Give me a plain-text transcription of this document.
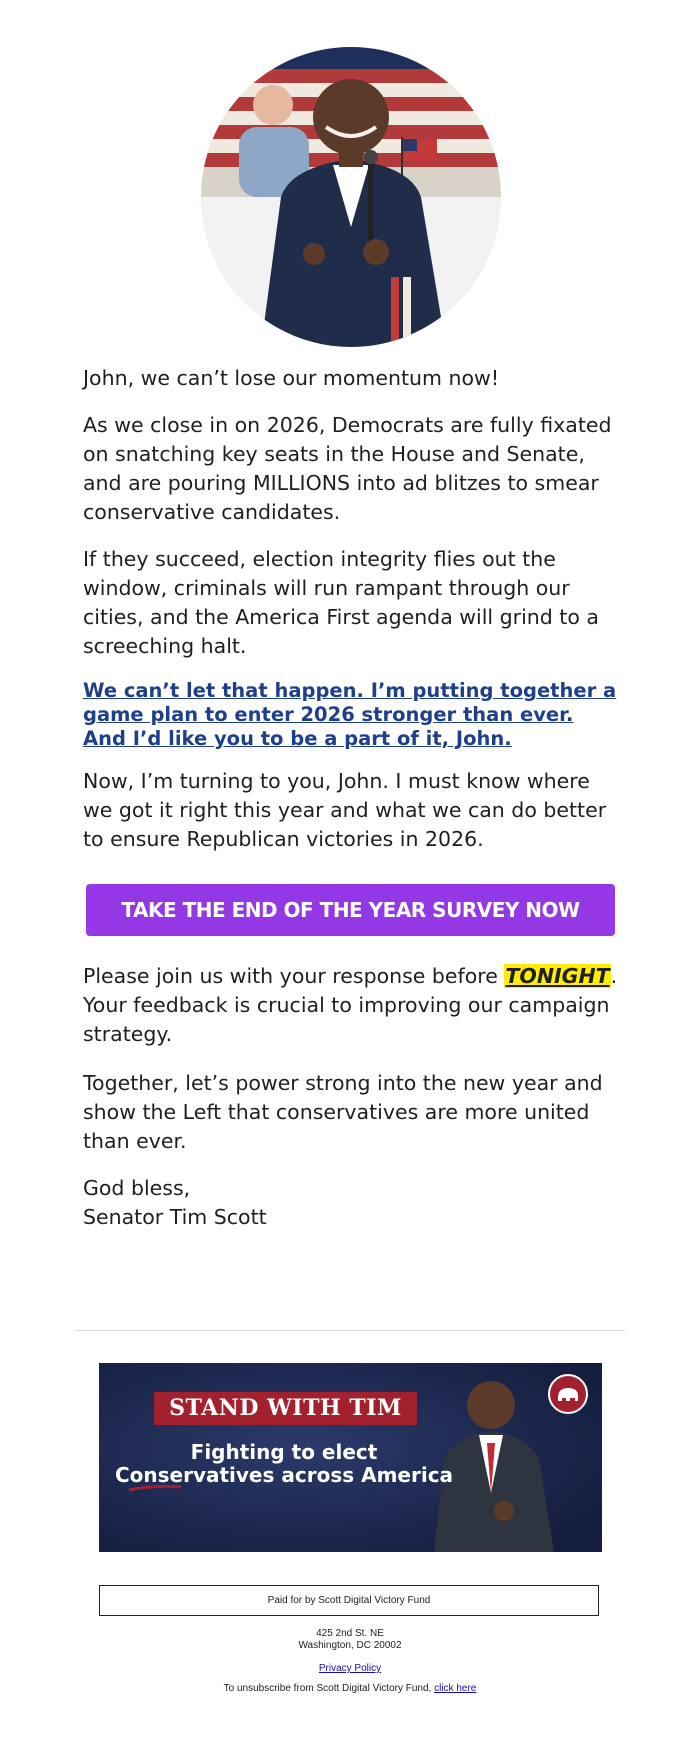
John, we can’t lose our momentum now!

As we close in on 2026, Democrats are fully fixated on snatching key seats in the House and Senate, and are pouring MILLIONS into ad blitzes to smear conservative candidates.

If they succeed, election integrity flies out the window, criminals will run rampant through our cities, and the America First agenda will grind to a screeching halt.

We can’t let that happen. I’m putting together a game plan to enter 2026 stronger than ever. And I’d like you to be a part of it, John.

Now, I’m turning to you, John. I must know where we got it right this year and what we can do better to ensure Republican victories in 2026.

TAKE THE END OF THE YEAR SURVEY NOW

Please join us with your response before TONIGHT. Your feedback is crucial to improving our campaign strategy.

Together, let’s power strong into the new year and show the Left that conservatives are more united than ever.

God bless,
Senator Tim Scott

STAND WITH TIM
Fighting to elect
Conservatives across America
Paid for by Scott Digital Victory Fund
425 2nd St. NE
Washington, DC 20002
Privacy Policy
To unsubscribe from Scott Digital Victory Fund, click here
